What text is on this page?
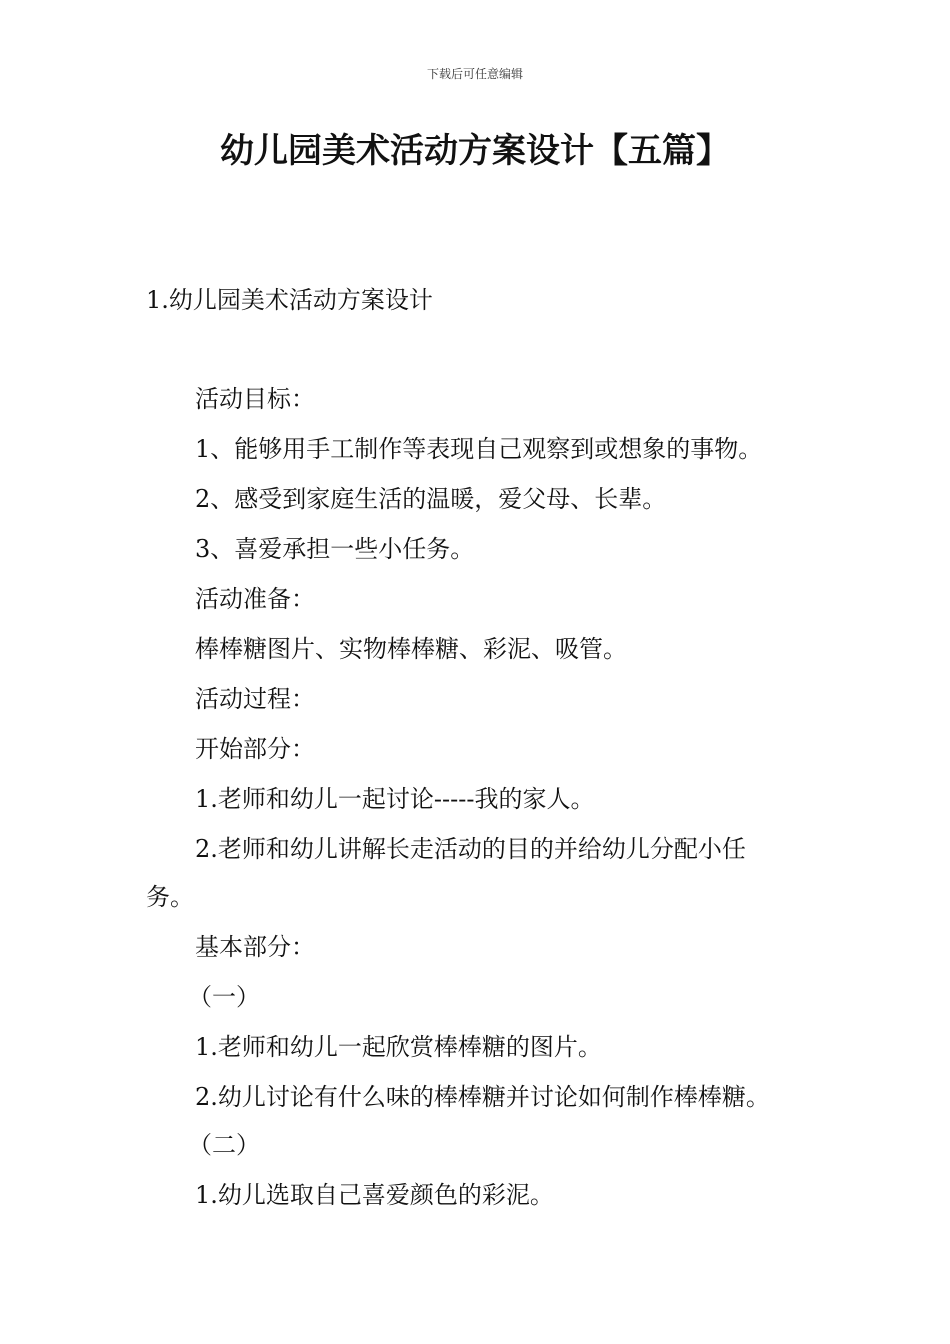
下载后可任意编辑
幼儿园美术活动方案设计【五篇】
1.幼儿园美术活动方案设计

活动目标：

1、能够用手工制作等表现自己观察到或想象的事物。

2、感受到家庭生活的温暖，爱父母、长辈。

3、喜爱承担一些小任务。

活动准备：

棒棒糖图片、实物棒棒糖、彩泥、吸管。

活动过程：

开始部分：

1.老师和幼儿一起讨论-----我的家人。

2.老师和幼儿讲解长走活动的目的并给幼儿分配小任

务。

基本部分：

（一）

1.老师和幼儿一起欣赏棒棒糖的图片。

2.幼儿讨论有什么味的棒棒糖并讨论如何制作棒棒糖。

（二）

1.幼儿选取自己喜爱颜色的彩泥。
